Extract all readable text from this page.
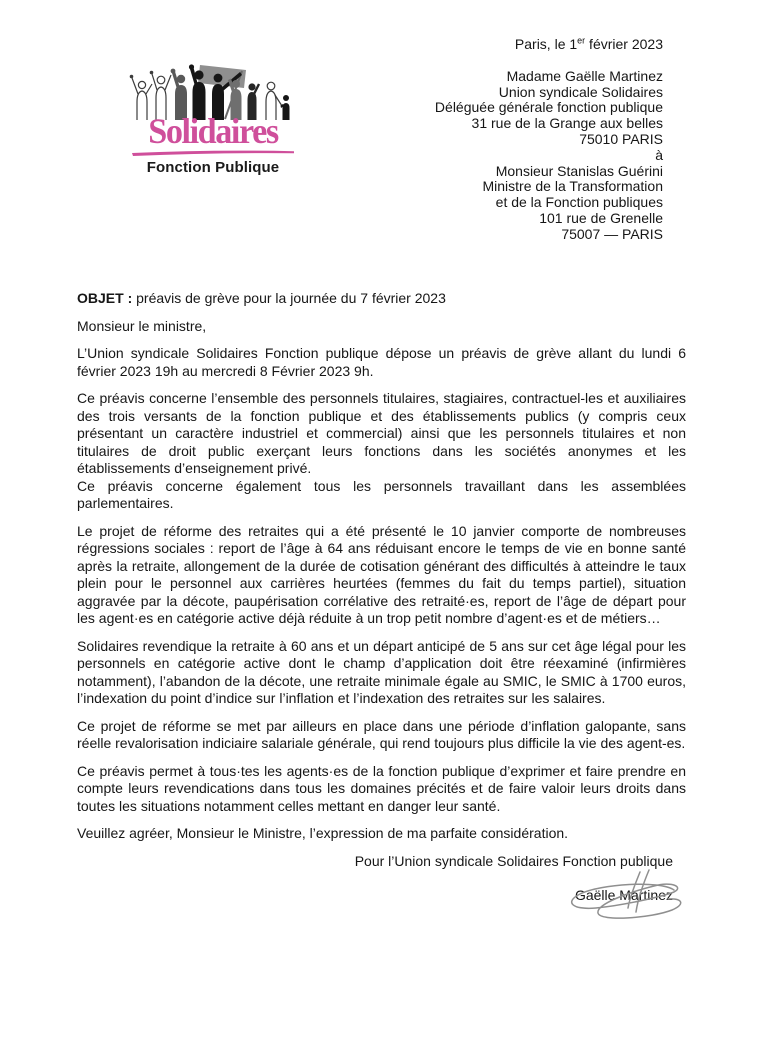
Paris, le 1er février 2023
Madame Gaëlle Martinez
Union syndicale Solidaires
Déléguée générale fonction publique
31 rue de la Grange aux belles
75010 PARIS
à
Monsieur Stanislas Guérini
Ministre de la Transformation
et de la Fonction publiques
101 rue de Grenelle
75007 — PARIS
Solidaires
Fonction Publique

OBJET : préavis de grève pour la journée du 7 février 2023

Monsieur le ministre,

L’Union syndicale Solidaires Fonction publique dépose un préavis de grève allant du lundi 6 février 2023 19h au mercredi 8 Février 2023 9h.

Ce préavis concerne l’ensemble des personnels titulaires, stagiaires, contractuel-les et auxiliaires des trois versants de la fonction publique et des établissements publics (y compris ceux présentant un caractère industriel et commercial) ainsi que les personnels titulaires et non titulaires de droit public exerçant leurs fonctions dans les sociétés anonymes et les établissements d’enseignement privé.
Ce préavis concerne également tous les personnels travaillant dans les assemblées parlementaires.

Le projet de réforme des retraites qui a été présenté le 10 janvier comporte de nombreuses régressions sociales : report de l’âge à 64 ans réduisant encore le temps de vie en bonne santé après la retraite, allongement de la durée de cotisation générant des difficultés à atteindre le taux plein pour le personnel aux carrières heurtées (femmes du fait du temps partiel), situation aggravée par la décote, paupérisation corrélative des retraité·es, report de l’âge de départ pour les agent·es en catégorie active déjà réduite à un trop petit nombre d’agent·es et de métiers…

Solidaires revendique la retraite à 60 ans et un départ anticipé de 5 ans sur cet âge légal pour les personnels en catégorie active dont le champ d’application doit être réexaminé (infirmières notamment), l’abandon de la décote, une retraite minimale égale au SMIC, le SMIC à 1700 euros, l’indexation du point d’indice sur l’inflation et l’indexation des retraites sur les salaires.

Ce projet de réforme se met par ailleurs en place dans une période d’inflation galopante, sans réelle revalorisation indiciaire salariale générale, qui rend toujours plus difficile la vie des agent-es.

Ce préavis permet à tous·tes les agents·es de la fonction publique d’exprimer et faire prendre en compte leurs revendications dans tous les domaines précités et de faire valoir leurs droits dans toutes les situations notamment celles mettant en danger leur santé.

Veuillez agréer, Monsieur le Ministre, l’expression de ma parfaite considération.

Pour l’Union syndicale Solidaires Fonction publique

Gaëlle Martinez
